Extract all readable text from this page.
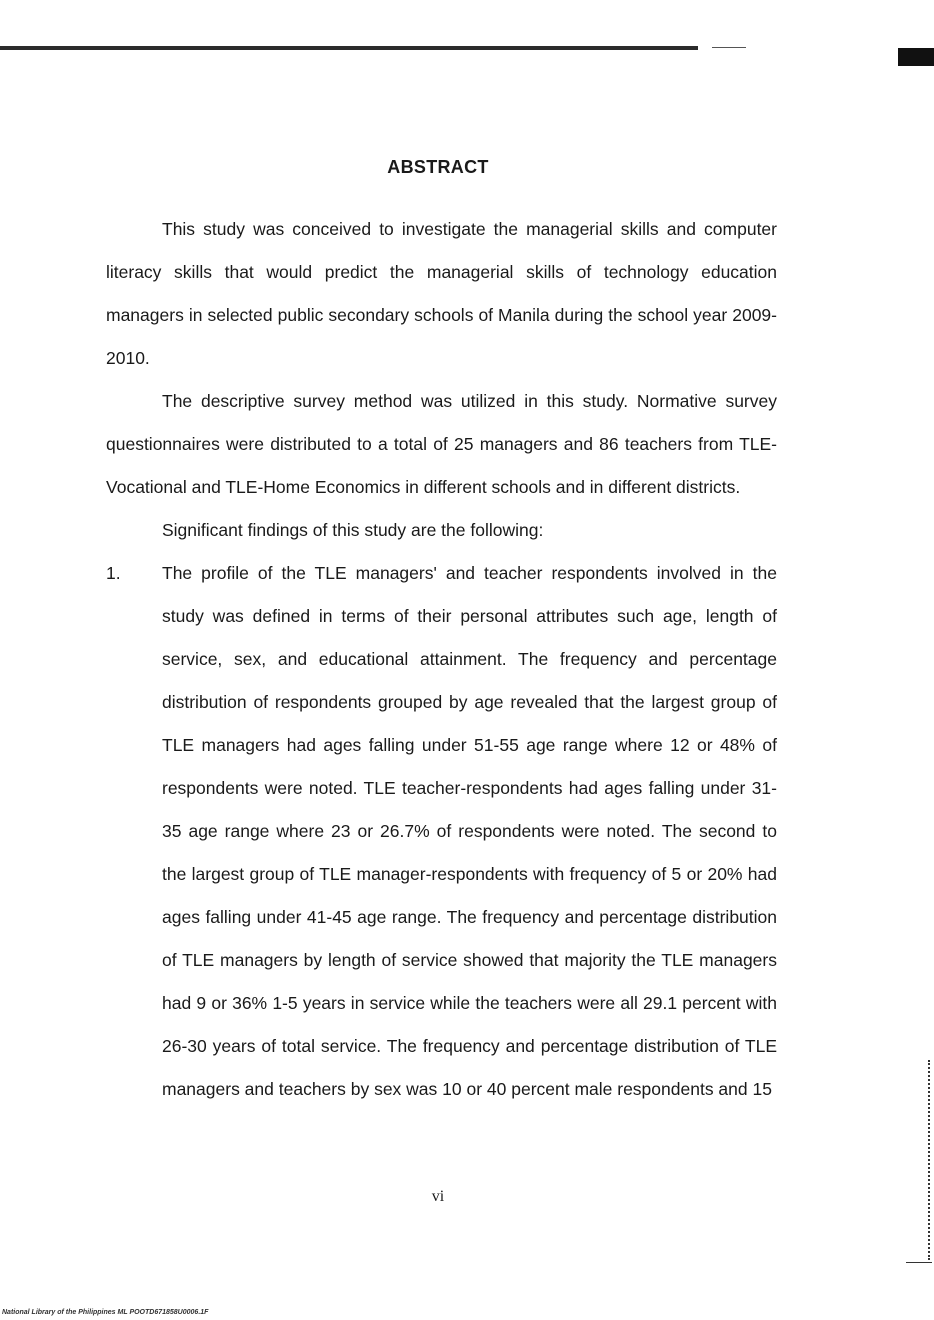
ABSTRACT

This study was conceived to investigate the managerial skills and computer literacy skills that would predict the managerial skills of technology education managers in selected public secondary schools of Manila during the school year 2009-2010.

The descriptive survey method was utilized in this study. Normative survey questionnaires were distributed to a total of 25 managers and 86 teachers from TLE- Vocational and TLE-Home Economics in different schools and in different districts.

Significant findings of this study are the following:

1.	The profile of the TLE managers' and teacher respondents involved in the study was defined in terms of their personal attributes such age, length of service, sex, and educational attainment. The frequency and percentage distribution of respondents grouped by age revealed that the largest group of TLE managers had ages falling under 51-55 age range where 12 or 48% of respondents were noted. TLE teacher-respondents had ages falling under 31-35 age range where 23 or 26.7% of respondents were noted. The second to the largest group of TLE manager-respondents with frequency of 5 or 20% had ages falling under 41-45 age range. The frequency and percentage distribution of TLE managers by length of service showed that majority the TLE managers had 9 or 36% 1-5 years in service while the teachers were all 29.1 percent with 26-30 years of total service. The frequency and percentage distribution of TLE managers and teachers by sex was 10 or 40 percent male respondents and 15
vi
National Library of the Philippines ML POOTD671858U0006.1F
